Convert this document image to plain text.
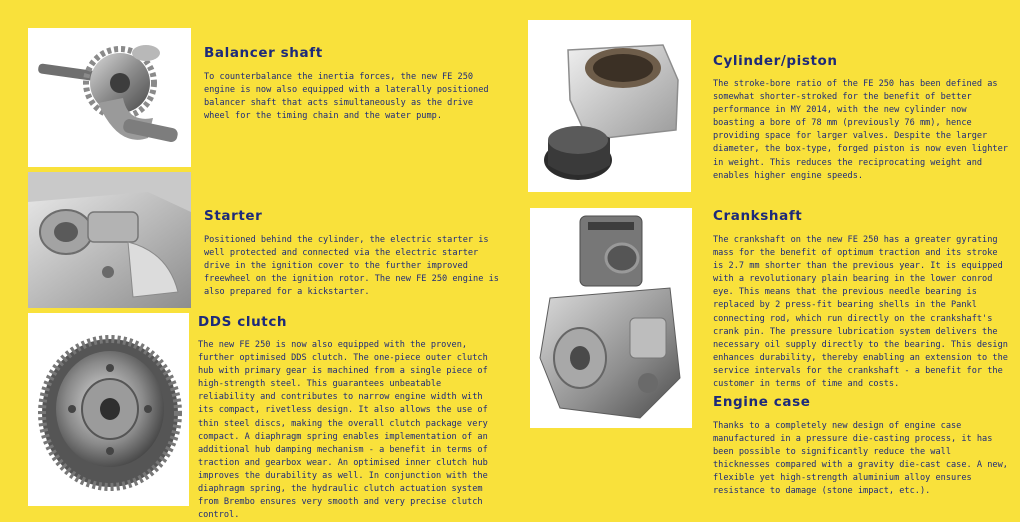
Balancer shaft

To counterbalance the inertia forces, the new FE 250 engine is now also equipped with a laterally positioned balancer shaft that acts simultaneously as the drive wheel for the timing chain and the water pump.

Starter

Positioned behind the cylinder, the electric starter is well protected and connected via the electric starter drive in the ignition cover to the further improved freewheel on the ignition rotor. The new FE 250 engine is also prepared for a kickstarter.

DDS clutch

The new FE 250 is now also equipped with the proven, further optimised DDS clutch. The one-piece outer clutch hub with primary gear is machined from a single piece of high-strength steel. This guarantees unbeatable reliability and contributes to narrow engine width with its compact, rivetless design. It also allows the use of thin steel discs, making the overall clutch package very compact. A diaphragm spring enables implementation of an additional hub damping mechanism - a benefit in terms of traction and gearbox wear. An optimised inner clutch hub improves the durability as well. In conjunction with the diaphragm spring, the hydraulic clutch actuation system from Brembo ensures very smooth and very precise clutch control.

Cylinder/piston

The stroke-bore ratio of the FE 250 has been defined as somewhat shorter-stroked for the benefit of better performance in MY 2014, with the new cylinder now boasting a bore of 78 mm (previously 76 mm), hence providing space for larger valves. Despite the larger diameter, the box-type, forged piston is now even lighter in weight. This reduces the reciprocating weight and enables higher engine speeds.

Crankshaft

The crankshaft on the new FE 250 has a greater gyrating mass for the benefit of optimum traction and its stroke is 2.7 mm shorter than the previous year. It is equipped with a revolutionary plain bearing in the lower conrod eye. This means that the previous needle bearing is replaced by 2 press-fit bearing shells in the Pankl connecting rod, which run directly on the crankshaft's crank pin. The pressure lubrication system delivers the necessary oil supply directly to the bearing. This design enhances durability, thereby enabling an extension to the service intervals for the crankshaft - a benefit for the customer in terms of time and costs.

Engine case

Thanks to a completely new design of engine case manufactured in a pressure die-casting process, it has been possible to significantly reduce the wall thicknesses compared with a gravity die-cast case. A new, flexible yet high-strength aluminium alloy ensures resistance to damage (stone impact, etc.).
